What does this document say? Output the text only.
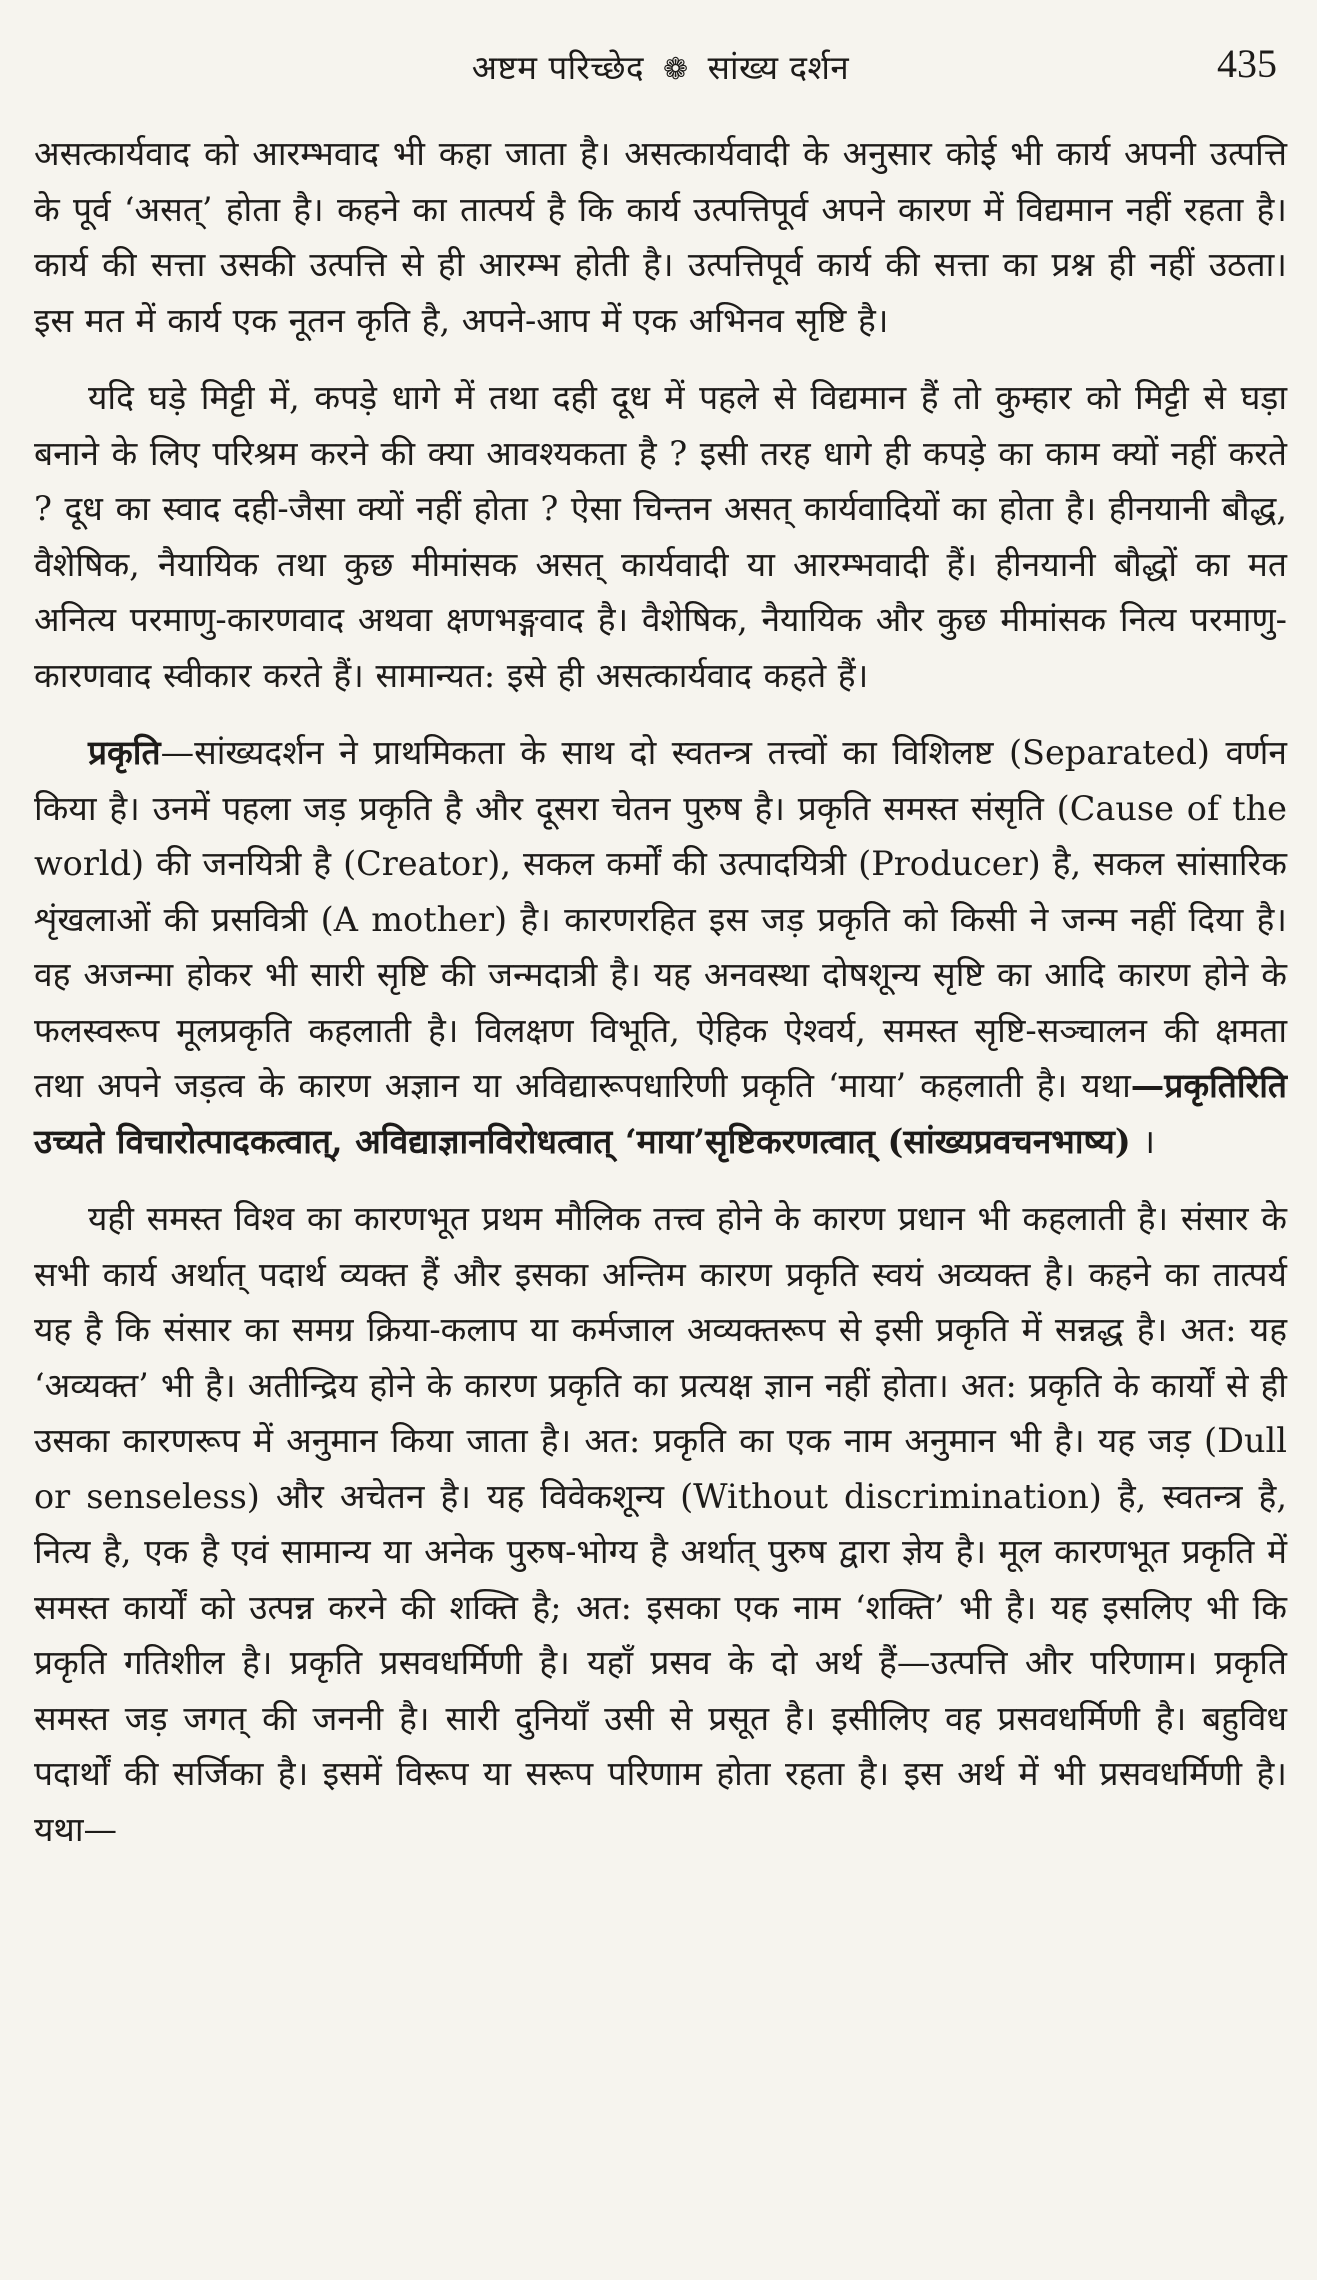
अष्टम परिच्छेद ❁ सांख्य दर्शन	435

असत्कार्यवाद को आरम्भवाद भी कहा जाता है। असत्कार्यवादी के अनुसार कोई भी कार्य अपनी उत्पत्ति के पूर्व ‘असत्’ होता है। कहने का तात्पर्य है कि कार्य उत्पत्तिपूर्व अपने कारण में विद्यमान नहीं रहता है। कार्य की सत्ता उसकी उत्पत्ति से ही आरम्भ होती है। उत्पत्तिपूर्व कार्य की सत्ता का प्रश्न ही नहीं उठता। इस मत में कार्य एक नूतन कृति है, अपने-आप में एक अभिनव सृष्टि है।

यदि घड़े मिट्टी में, कपड़े धागे में तथा दही दूध में पहले से विद्यमान हैं तो कुम्हार को मिट्टी से घड़ा बनाने के लिए परिश्रम करने की क्या आवश्यकता है ? इसी तरह धागे ही कपड़े का काम क्यों नहीं करते ? दूध का स्वाद दही-जैसा क्यों नहीं होता ? ऐसा चिन्तन असत् कार्यवादियों का होता है। हीनयानी बौद्ध, वैशेषिक, नैयायिक तथा कुछ मीमांसक असत् कार्यवादी या आरम्भवादी हैं। हीनयानी बौद्धों का मत अनित्य परमाणु-कारणवाद अथवा क्षणभङ्गवाद है। वैशेषिक, नैयायिक और कुछ मीमांसक नित्य परमाणु-कारणवाद स्वीकार करते हैं। सामान्यत: इसे ही असत्कार्यवाद कहते हैं।

प्रकृति—सांख्यदर्शन ने प्राथमिकता के साथ दो स्वतन्त्र तत्त्वों का विशिलष्ट (Separated) वर्णन किया है। उनमें पहला जड़ प्रकृति है और दूसरा चेतन पुरुष है। प्रकृति समस्त संसृति (Cause of the world) की जनयित्री है (Creator), सकल कर्मों की उत्पादयित्री (Producer) है, सकल सांसारिक शृंखलाओं की प्रसवित्री (A mother) है। कारणरहित इस जड़ प्रकृति को किसी ने जन्म नहीं दिया है। वह अजन्मा होकर भी सारी सृष्टि की जन्मदात्री है। यह अनवस्था दोषशून्य सृष्टि का आदि कारण होने के फलस्वरूप मूलप्रकृति कहलाती है। विलक्षण विभूति, ऐहिक ऐश्वर्य, समस्त सृष्टि-सञ्चालन की क्षमता तथा अपने जड़त्व के कारण अज्ञान या अविद्यारूपधारिणी प्रकृति ‘माया’ कहलाती है। यथा—प्रकृतिरिति उच्यते विचारोत्पादकत्वात्, अविद्याज्ञानविरोधत्वात् ‘माया’सृष्टिकरणत्वात् (सांख्यप्रवचनभाष्य) ।

यही समस्त विश्व का कारणभूत प्रथम मौलिक तत्त्व होने के कारण प्रधान भी कहलाती है। संसार के सभी कार्य अर्थात् पदार्थ व्यक्त हैं और इसका अन्तिम कारण प्रकृति स्वयं अव्यक्त है। कहने का तात्पर्य यह है कि संसार का समग्र क्रिया-कलाप या कर्मजाल अव्यक्तरूप से इसी प्रकृति में सन्नद्ध है। अत: यह ‘अव्यक्त’ भी है। अतीन्द्रिय होने के कारण प्रकृति का प्रत्यक्ष ज्ञान नहीं होता। अत: प्रकृति के कार्यों से ही उसका कारणरूप में अनुमान किया जाता है। अत: प्रकृति का एक नाम अनुमान भी है। यह जड़ (Dull or senseless) और अचेतन है। यह विवेकशून्य (Without discrimination) है, स्वतन्त्र है, नित्य है, एक है एवं सामान्य या अनेक पुरुष-भोग्य है अर्थात् पुरुष द्वारा ज्ञेय है। मूल कारणभूत प्रकृति में समस्त कार्यों को उत्पन्न करने की शक्ति है; अत: इसका एक नाम ‘शक्ति’ भी है। यह इसलिए भी कि प्रकृति गतिशील है। प्रकृति प्रसवधर्मिणी है। यहाँ प्रसव के दो अर्थ हैं—उत्पत्ति और परिणाम। प्रकृति समस्त जड़ जगत् की जननी है। सारी दुनियाँ उसी से प्रसूत है। इसीलिए वह प्रसवधर्मिणी है। बहुविध पदार्थों की सर्जिका है। इसमें विरूप या सरूप परिणाम होता रहता है। इस अर्थ में भी प्रसवधर्मिणी है। यथा—
